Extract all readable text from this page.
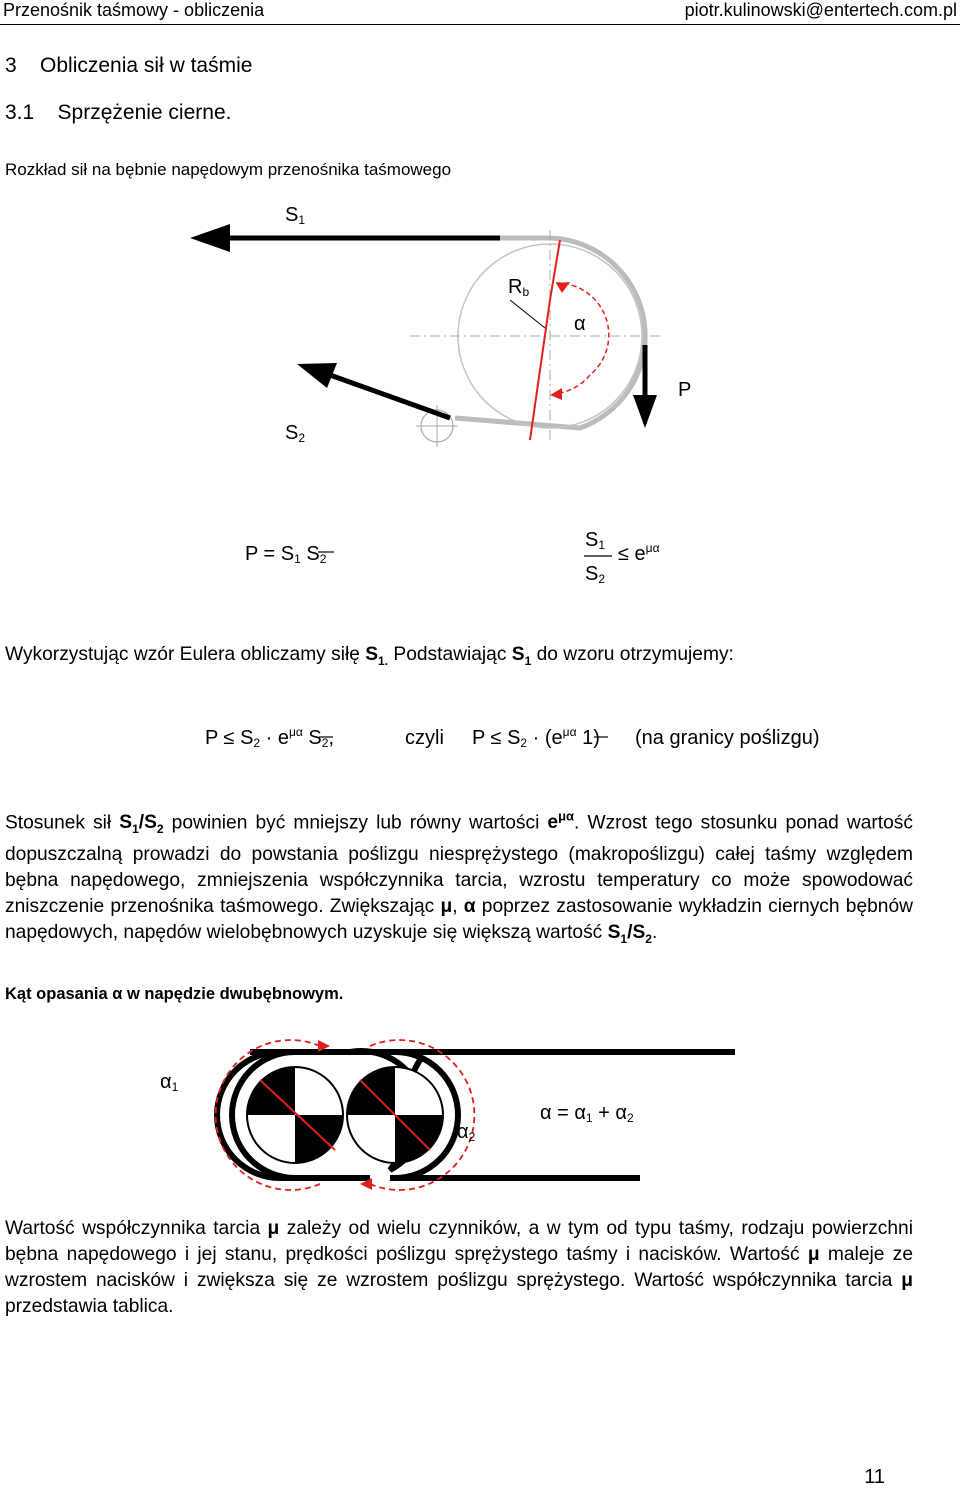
Przenośnik taśmowy - obliczenia	piotr.kulinowski@entertech.com.pl
3    Obliczenia sił w taśmie
3.1    Sprzężenie cierne.
Rozkład sił na bębnie napędowym przenośnika taśmowego
S1
Rb
α
P
S2
P = S1 S2
S1
S2
≤ $e^{\mu\alpha}$
Wykorzystując wzór Eulera obliczamy siłę $S_{1.}$ Podstawiając $S_1$ do wzoru otrzymujemy:
$P \le S2 \cdot e^{\mu\alpha}$ S2,	czyli $P \le S2 \cdot (e^{\mu\alpha}$ 1) (na granicy poślizgu)
Stosunek sił $S_1/S_2$ powinien być mniejszy lub równy wartości $e^{\mu\alpha}$. Wzrost tego stosunku ponad wartość dopuszczalną prowadzi do powstania poślizgu niesprężystego (makropoślizgu) całej taśmy względem bębna napędowego, zmniejszenia współczynnika tarcia, wzrostu temperatury co może spowodować zniszczenie przenośnika taśmowego. Zwiększając μ, α poprzez zastosowanie wykładzin ciernych bębnów napędowych, napędów wielobębnowych uzyskuje się większą wartość $S_1/S_2$.
Kąt opasania α w napędzie dwubębnowym.
α1
α2
α = α1 + α2
Wartość współczynnika tarcia μ zależy od wielu czynników, a w tym od typu taśmy, rodzaju powierzchni bębna napędowego i jej stanu, prędkości poślizgu sprężystego taśmy i nacisków. Wartość μ maleje ze wzrostem nacisków i zwiększa się ze wzrostem poślizgu sprężystego. Wartość współczynnika tarcia μ przedstawia tablica.
11
